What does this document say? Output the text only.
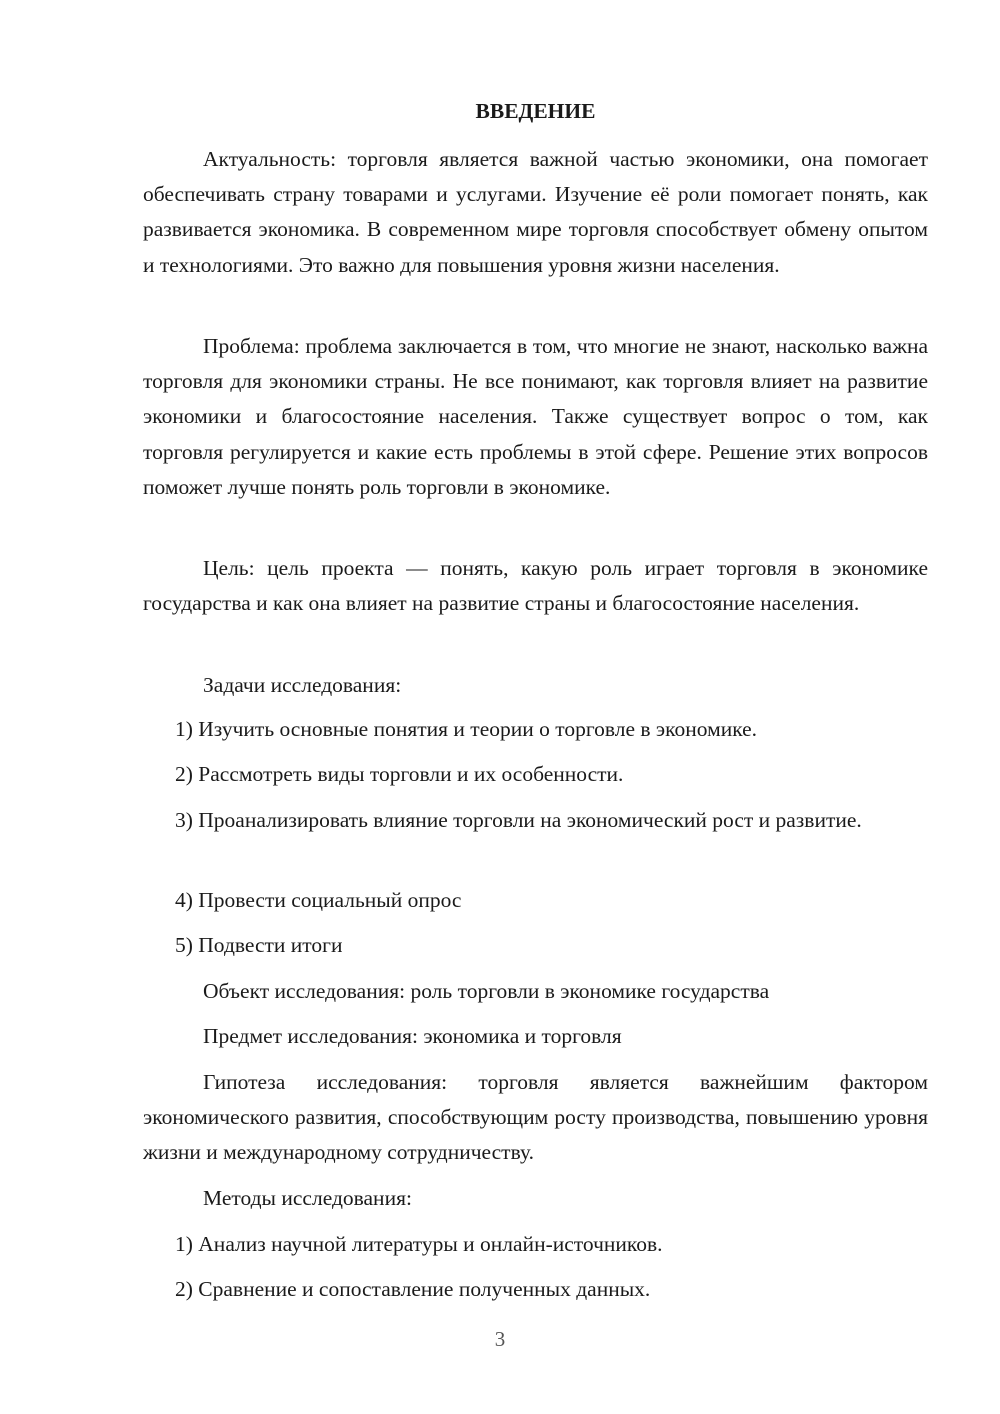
ВВЕДЕНИЕ

Актуальность: торговля является важной частью экономики, она помогает обеспечивать страну товарами и услугами. Изучение её роли помогает понять, как развивается экономика. В современном мире торговля способствует обмену опытом и технологиями. Это важно для повышения уровня жизни населения.

Проблема: проблема заключается в том, что многие не знают, насколько важна торговля для экономики страны. Не все понимают, как торговля влияет на развитие экономики и благосостояние населения. Также существует вопрос о том, как торговля регулируется и какие есть проблемы в этой сфере. Решение этих вопросов поможет лучше понять роль торговли в экономике.

Цель: цель проекта — понять, какую роль играет торговля в экономике государства и как она влияет на развитие страны и благосостояние населения.

Задачи исследования:

1) Изучить основные понятия и теории о торговле в экономике.

2) Рассмотреть виды торговли и их особенности.

3) Проанализировать влияние торговли на экономический рост и развитие.

4) Провести социальный опрос

5) Подвести итоги

Объект исследования: роль торговли в экономике государства

Предмет исследования: экономика и торговля

Гипотеза исследования: торговля является важнейшим фактором экономического развития, способствующим росту производства, повышению уровня жизни и международному сотрудничеству.

Методы исследования:

1) Анализ научной литературы и онлайн-источников.

2) Сравнение и сопоставление полученных данных.

3
